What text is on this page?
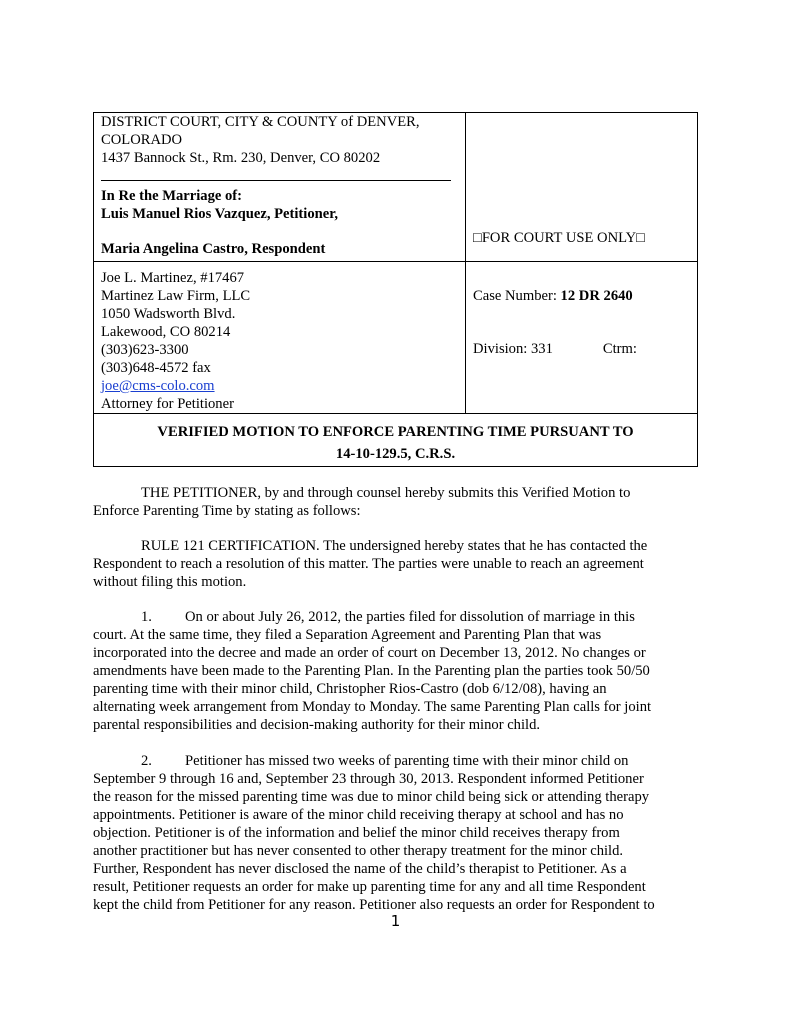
DISTRICT COURT, CITY & COUNTY of DENVER,
COLORADO
1437 Bannock St., Rm. 230, Denver, CO 80202
In Re the Marriage of:
Luis Manuel Rios Vazquez, Petitioner,
Maria Angelina Castro, Respondent
□FOR COURT USE ONLY□
Joe L. Martinez, #17467
Martinez Law Firm, LLC
1050 Wadsworth Blvd.
Lakewood, CO 80214
(303)623-3300
(303)648-4572 fax
joe@cms-colo.com
Attorney for Petitioner
Case Number: 12 DR 2640
Division: 331	Ctrm:
VERIFIED MOTION TO ENFORCE PARENTING TIME PURSUANT TO
14-10-129.5, C.R.S.
THE PETITIONER, by and through counsel hereby submits this Verified Motion to
Enforce Parenting Time by stating as follows:
RULE 121 CERTIFICATION. The undersigned hereby states that he has contacted the
Respondent to reach a resolution of this matter. The parties were unable to reach an agreement
without filing this motion.
1. On or about July 26, 2012, the parties filed for dissolution of marriage in this
court. At the same time, they filed a Separation Agreement and Parenting Plan that was
incorporated into the decree and made an order of court on December 13, 2012. No changes or
amendments have been made to the Parenting Plan. In the Parenting plan the parties took 50/50
parenting time with their minor child, Christopher Rios-Castro (dob 6/12/08), having an
alternating week arrangement from Monday to Monday. The same Parenting Plan calls for joint
parental responsibilities and decision-making authority for their minor child.
2. Petitioner has missed two weeks of parenting time with their minor child on
September 9 through 16 and, September 23 through 30, 2013. Respondent informed Petitioner
the reason for the missed parenting time was due to minor child being sick or attending therapy
appointments. Petitioner is aware of the minor child receiving therapy at school and has no
objection. Petitioner is of the information and belief the minor child receives therapy from
another practitioner but has never consented to other therapy treatment for the minor child.
Further, Respondent has never disclosed the name of the child’s therapist to Petitioner. As a
result, Petitioner requests an order for make up parenting time for any and all time Respondent
kept the child from Petitioner for any reason. Petitioner also requests an order for Respondent to
1
